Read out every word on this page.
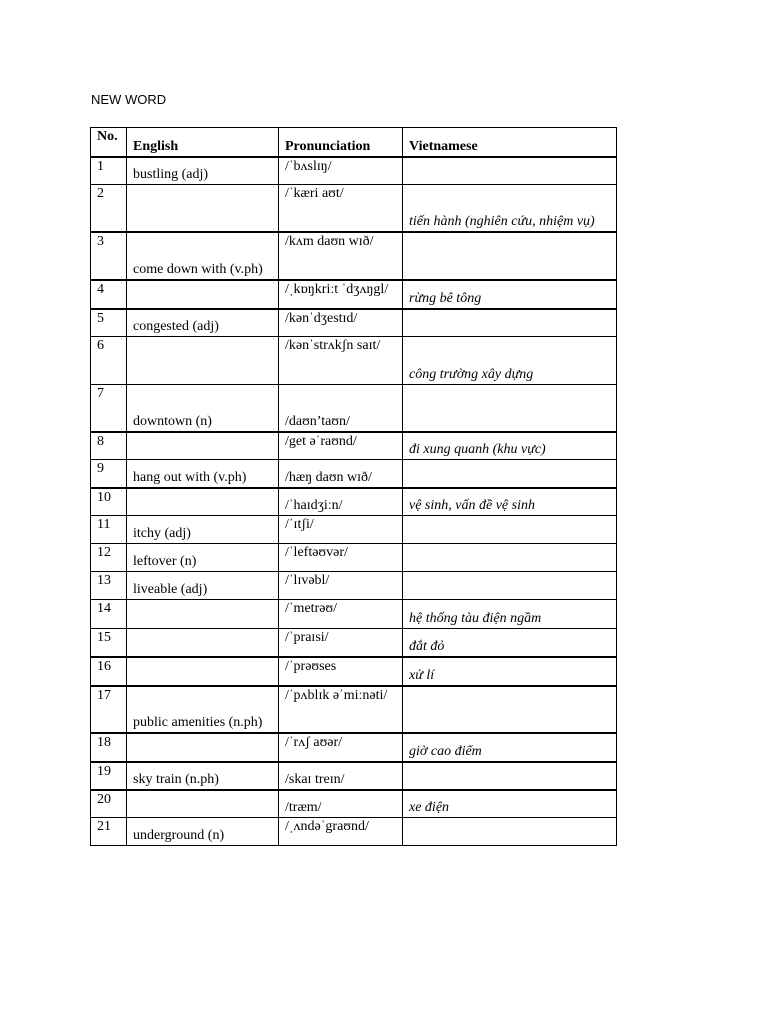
NEW WORD
No.	English	Pronunciation	Vietnamese
1	bustling (adj)	/ˈbʌslɪŋ/	
2		/ˈkæri aʊt/	tiến hành (nghiên cứu, nhiệm vụ)
3	come down with (v.ph)	/kʌm daʊn wɪð/	
4		/ˌkɒŋkriːt ˈdʒʌŋgl/	rừng bê tông
5	congested (adj)	/kənˈdʒestɪd/	
6		/kənˈstrʌkʃn saɪt/	công trường xây dựng
7	downtown (n)	/daʊn’taʊn/	
8		/get əˈraʊnd/	đi xung quanh (khu vực)
9	hang out with (v.ph)	/hæŋ daʊn wɪð/	
10		/ˈhaɪdʒiːn/	vệ sinh, vấn đề vệ sinh
11	itchy (adj)	/ˈɪtʃi/	
12	leftover (n)	/ˈleftəʊvər/	
13	liveable (adj)	/ˈlɪvəbl/	
14		/ˈmetrəʊ/	hệ thống tàu điện ngầm
15		/ˈpraɪsi/	đắt đỏ
16		/ˈprəʊses	xử lí
17	public amenities (n.ph)	/ˈpʌblɪk əˈmiːnəti/	
18		/ˈrʌʃ aʊər/	giờ cao điểm
19	sky train (n.ph)	/skaɪ treɪn/	
20		/træm/	xe điện
21	underground (n)	/ˌʌndəˈgraʊnd/	
